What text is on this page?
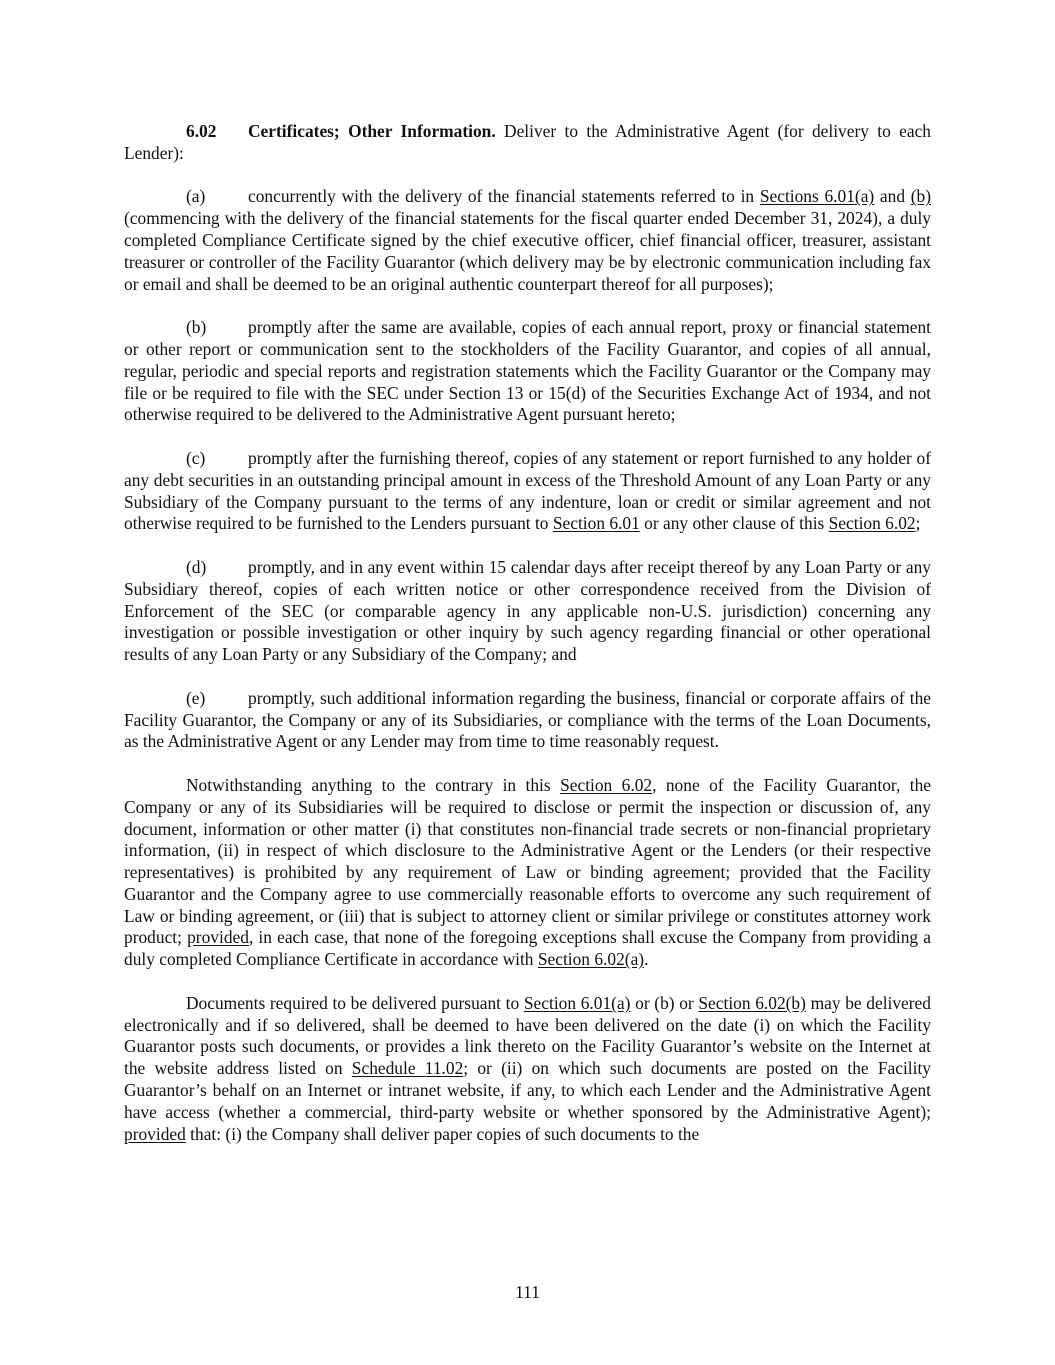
6.02 Certificates; Other Information. Deliver to the Administrative Agent (for delivery to each Lender):

(a) concurrently with the delivery of the financial statements referred to in Sections 6.01(a) and (b) (commencing with the delivery of the financial statements for the fiscal quarter ended December 31, 2024), a duly completed Compliance Certificate signed by the chief executive officer, chief financial officer, treasurer, assistant treasurer or controller of the Facility Guarantor (which delivery may be by electronic communication including fax or email and shall be deemed to be an original authentic counterpart thereof for all purposes);

(b) promptly after the same are available, copies of each annual report, proxy or financial statement or other report or communication sent to the stockholders of the Facility Guarantor, and copies of all annual, regular, periodic and special reports and registration statements which the Facility Guarantor or the Company may file or be required to file with the SEC under Section 13 or 15(d) of the Securities Exchange Act of 1934, and not otherwise required to be delivered to the Administrative Agent pursuant hereto;

(c) promptly after the furnishing thereof, copies of any statement or report furnished to any holder of any debt securities in an outstanding principal amount in excess of the Threshold Amount of any Loan Party or any Subsidiary of the Company pursuant to the terms of any indenture, loan or credit or similar agreement and not otherwise required to be furnished to the Lenders pursuant to Section 6.01 or any other clause of this Section 6.02;

(d) promptly, and in any event within 15 calendar days after receipt thereof by any Loan Party or any Subsidiary thereof, copies of each written notice or other correspondence received from the Division of Enforcement of the SEC (or comparable agency in any applicable non-U.S. jurisdiction) concerning any investigation or possible investigation or other inquiry by such agency regarding financial or other operational results of any Loan Party or any Subsidiary of the Company; and

(e) promptly, such additional information regarding the business, financial or corporate affairs of the Facility Guarantor, the Company or any of its Subsidiaries, or compliance with the terms of the Loan Documents, as the Administrative Agent or any Lender may from time to time reasonably request.

Notwithstanding anything to the contrary in this Section 6.02, none of the Facility Guarantor, the Company or any of its Subsidiaries will be required to disclose or permit the inspection or discussion of, any document, information or other matter (i) that constitutes non-financial trade secrets or non-financial proprietary information, (ii) in respect of which disclosure to the Administrative Agent or the Lenders (or their respective representatives) is prohibited by any requirement of Law or binding agreement; provided that the Facility Guarantor and the Company agree to use commercially reasonable efforts to overcome any such requirement of Law or binding agreement, or (iii) that is subject to attorney client or similar privilege or constitutes attorney work product; provided, in each case, that none of the foregoing exceptions shall excuse the Company from providing a duly completed Compliance Certificate in accordance with Section 6.02(a).

Documents required to be delivered pursuant to Section 6.01(a) or (b) or Section 6.02(b) may be delivered electronically and if so delivered, shall be deemed to have been delivered on the date (i) on which the Facility Guarantor posts such documents, or provides a link thereto on the Facility Guarantor’s website on the Internet at the website address listed on Schedule 11.02; or (ii) on which such documents are posted on the Facility Guarantor’s behalf on an Internet or intranet website, if any, to which each Lender and the Administrative Agent have access (whether a commercial, third-party website or whether sponsored by the Administrative Agent); provided that: (i) the Company shall deliver paper copies of such documents to the

111
